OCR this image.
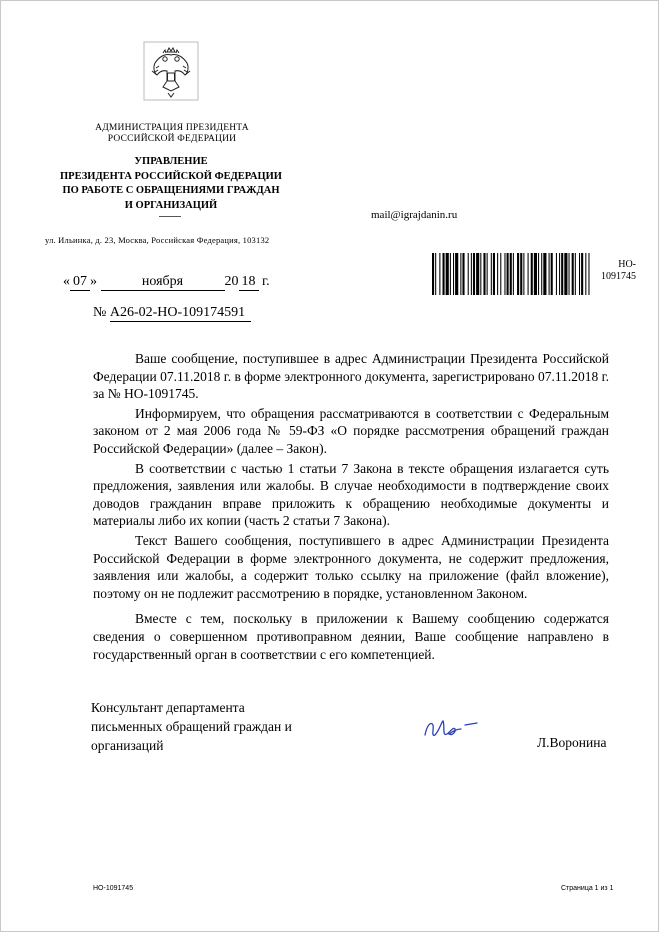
АДМИНИСТРАЦИЯ ПРЕЗИДЕНТА
РОССИЙСКОЙ ФЕДЕРАЦИИ
УПРАВЛЕНИЕ
ПРЕЗИДЕНТА РОССИЙСКОЙ ФЕДЕРАЦИИ
ПО РАБОТЕ С ОБРАЩЕНИЯМИ ГРАЖДАН
И ОРГАНИЗАЦИЙ
mail@igrajdanin.ru
ул. Ильинка, д. 23, Москва, Российская Федерация, 103132
НО-
1091745
« 07 »	ноября	20 18 г.
№ А26-02-НО-109174591

Ваше сообщение, поступившее в адрес Администрации Президента Российской Федерации 07.11.2018 г. в форме электронного документа, зарегистрировано 07.11.2018 г. за № НО-1091745.

Информируем, что обращения рассматриваются в соответствии с Федеральным законом от 2 мая 2006 года № 59-ФЗ «О порядке рассмотрения обращений граждан Российской Федерации» (далее – Закон).

В соответствии с частью 1 статьи 7 Закона в тексте обращения излагается суть предложения, заявления или жалобы. В случае необходимости в подтверждение своих доводов гражданин вправе приложить к обращению необходимые документы и материалы либо их копии (часть 2 статьи 7 Закона).

Текст Вашего сообщения, поступившего в адрес Администрации Президента Российской Федерации в форме электронного документа, не содержит предложения, заявления или жалобы, а содержит только ссылку на приложение (файл вложение), поэтому он не подлежит рассмотрению в порядке, установленном Законом.

Вместе с тем, поскольку в приложении к Вашему сообщению содержатся сведения о совершенном противоправном деянии, Ваше сообщение направлено в государственный орган в соответствии с его компетенцией.

Консультант департамента
письменных обращений граждан и
организаций	Л.Воронина
НО-1091745	Страница 1 из 1
